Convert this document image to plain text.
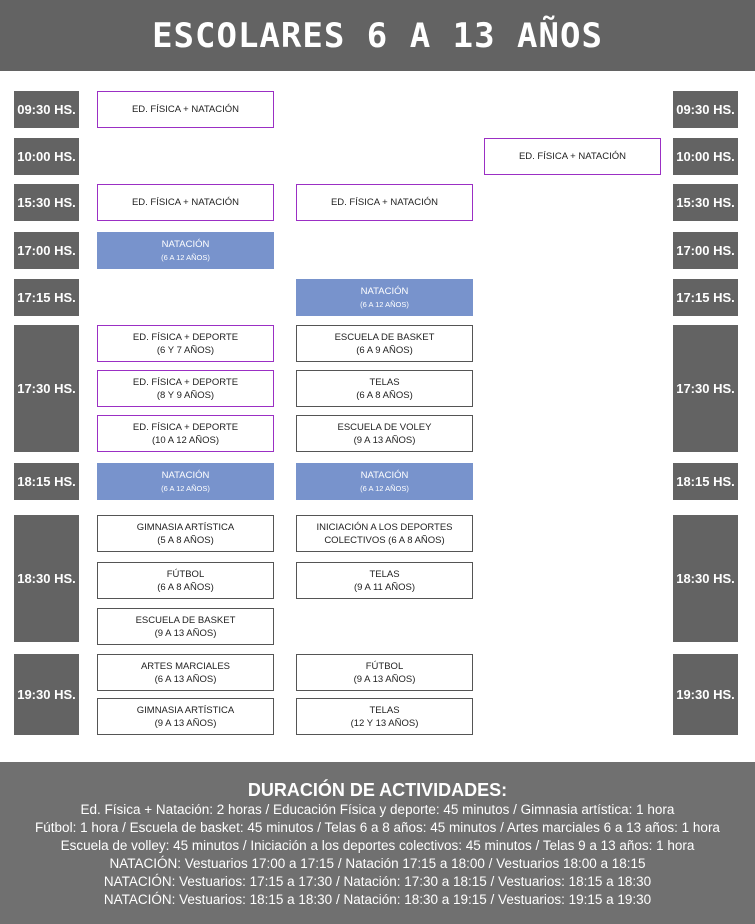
ESCOLARES 6 A 13 AÑOS
09:30 HS.
10:00 HS.
15:30 HS.
17:00 HS.
17:15 HS.
17:30 HS.
18:15 HS.
18:30 HS.
19:30 HS.
09:30 HS.
10:00 HS.
15:30 HS.
17:00 HS.
17:15 HS.
17:30 HS.
18:15 HS.
18:30 HS.
19:30 HS.
ED. FÍSICA + NATACIÓN
ED. FÍSICA + NATACIÓN
ED. FÍSICA + NATACIÓN	ED. FÍSICA + NATACIÓN
NATACIÓN
(6 A 12 AÑOS)
NATACIÓN
(6 A 12 AÑOS)
ED. FÍSICA + DEPORTE
(6 Y 7 AÑOS)
ED. FÍSICA + DEPORTE
(8 Y 9 AÑOS)
ED. FÍSICA + DEPORTE
(10 A 12 AÑOS)
ESCUELA DE BASKET
(6 A 9 AÑOS)
TELAS
(6 A 8 AÑOS)
ESCUELA DE VOLEY
(9 A 13 AÑOS)
NATACIÓN
(6 A 12 AÑOS)
NATACIÓN
(6 A 12 AÑOS)
GIMNASIA ARTÍSTICA
(5 A 8 AÑOS)
FÚTBOL
(6 A 8 AÑOS)
ESCUELA DE BASKET
(9 A 13 AÑOS)
INICIACIÓN A LOS DEPORTES
COLECTIVOS (6 A 8 AÑOS)
TELAS
(9 A 11 AÑOS)
ARTES MARCIALES
(6 A 13 AÑOS)
GIMNASIA ARTÍSTICA
(9 A 13 AÑOS)
FÚTBOL
(9 A 13 AÑOS)
TELAS
(12 Y 13 AÑOS)
DURACIÓN DE ACTIVIDADES:
Ed. Física + Natación: 2 horas / Educación Física y deporte: 45 minutos / Gimnasia artística: 1 hora
Fútbol: 1 hora / Escuela de basket: 45 minutos / Telas 6 a 8 años: 45 minutos / Artes marciales 6 a 13 años: 1 hora
Escuela de volley: 45 minutos / Iniciación a los deportes colectivos: 45 minutos / Telas 9 a 13 años: 1 hora
NATACIÓN: Vestuarios 17:00 a 17:15 / Natación 17:15 a 18:00 / Vestuarios 18:00 a 18:15
NATACIÓN: Vestuarios: 17:15 a 17:30 / Natación: 17:30 a 18:15 / Vestuarios: 18:15 a 18:30
NATACIÓN: Vestuarios: 18:15 a 18:30 / Natación: 18:30 a 19:15 / Vestuarios: 19:15 a 19:30
